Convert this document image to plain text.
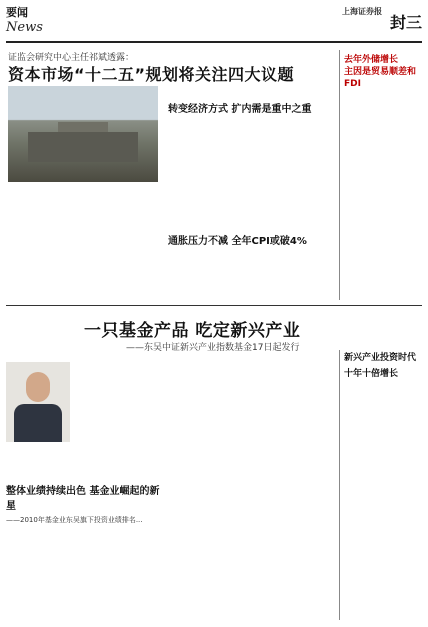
要闻
News
上海证券报
封三
证监会研究中心主任祁斌透露：
资本市场“十二五”规划将关注四大议题
转变经济方式 扩内需是重中之重
通胀压力不减 全年CPI或破4%
去年外储增长
主因是贸易顺差和FDI
一只基金产品 吃定新兴产业
——东吴中证新兴产业指数基金17日起发行
整体业绩持续出色 基金业崛起的新星
——2010年基金业东吴旗下投资业绩排名...
新兴产业投资时代
十年十倍增长
